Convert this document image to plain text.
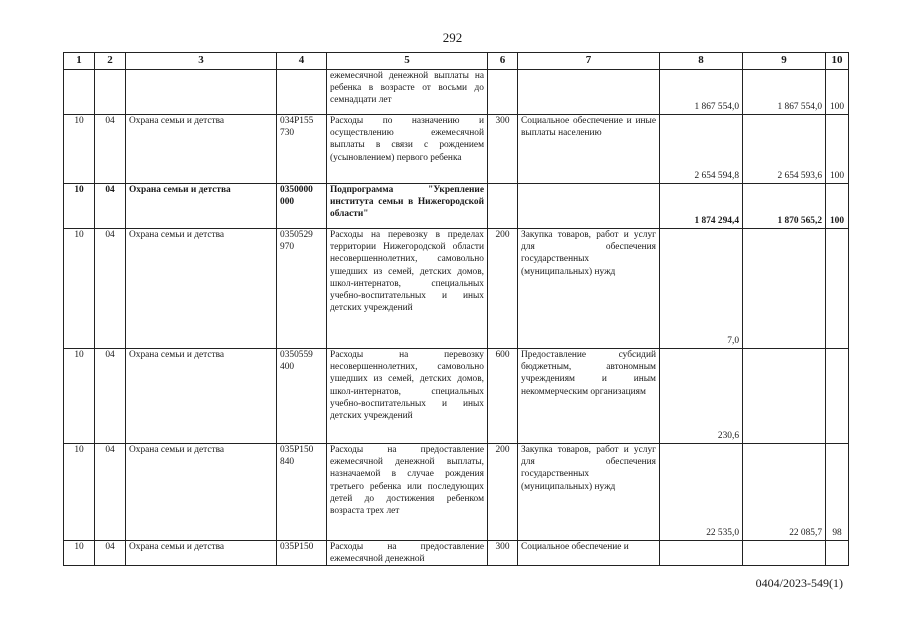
292
1	2	3	4	5	6	7	8	9	10
				ежемесячной денежной выплаты на ребенка в возрасте от восьми до семнадцати лет			1 867 554,0	1 867 554,0	100
10	04	Охрана семьи и детства	034P155 730	Расходы по назначению и осуществлению ежемесячной выплаты в связи с рождением (усыновлением) первого ребенка	300	Социальное обеспечение и иные выплаты населению	2 654 594,8	2 654 593,6	100
10	04	Охрана семьи и детства	0350000 000	Подпрограмма "Укрепление института семьи в Нижегородской области"			1 874 294,4	1 870 565,2	100
10	04	Охрана семьи и детства	0350529 970	Расходы на перевозку в пределах территории Нижегородской области несовершеннолетних, самовольно ушедших из семей, детских домов, школ-интернатов, специальных учебно-воспитательных и иных детских учреждений	200	Закупка товаров, работ и услуг для обеспечения государственных (муниципальных) нужд	7,0		
10	04	Охрана семьи и детства	0350559 400	Расходы на перевозку несовершеннолетних, самовольно ушедших из семей, детских домов, школ-интернатов, специальных учебно-воспитательных и иных детских учреждений	600	Предоставление субсидий бюджетным, автономным учреждениям и иным некоммерческим организациям	230,6		
10	04	Охрана семьи и детства	035P150 840	Расходы на предоставление ежемесячной денежной выплаты, назначаемой в случае рождения третьего ребенка или последующих детей до достижения ребенком возраста трех лет	200	Закупка товаров, работ и услуг для обеспечения государственных (муниципальных) нужд	22 535,0	22 085,7	98
10	04	Охрана семьи и детства	035P150	Расходы на предоставление ежемесячной денежной	300	Социальное обеспечение и			
0404/2023-549(1)
